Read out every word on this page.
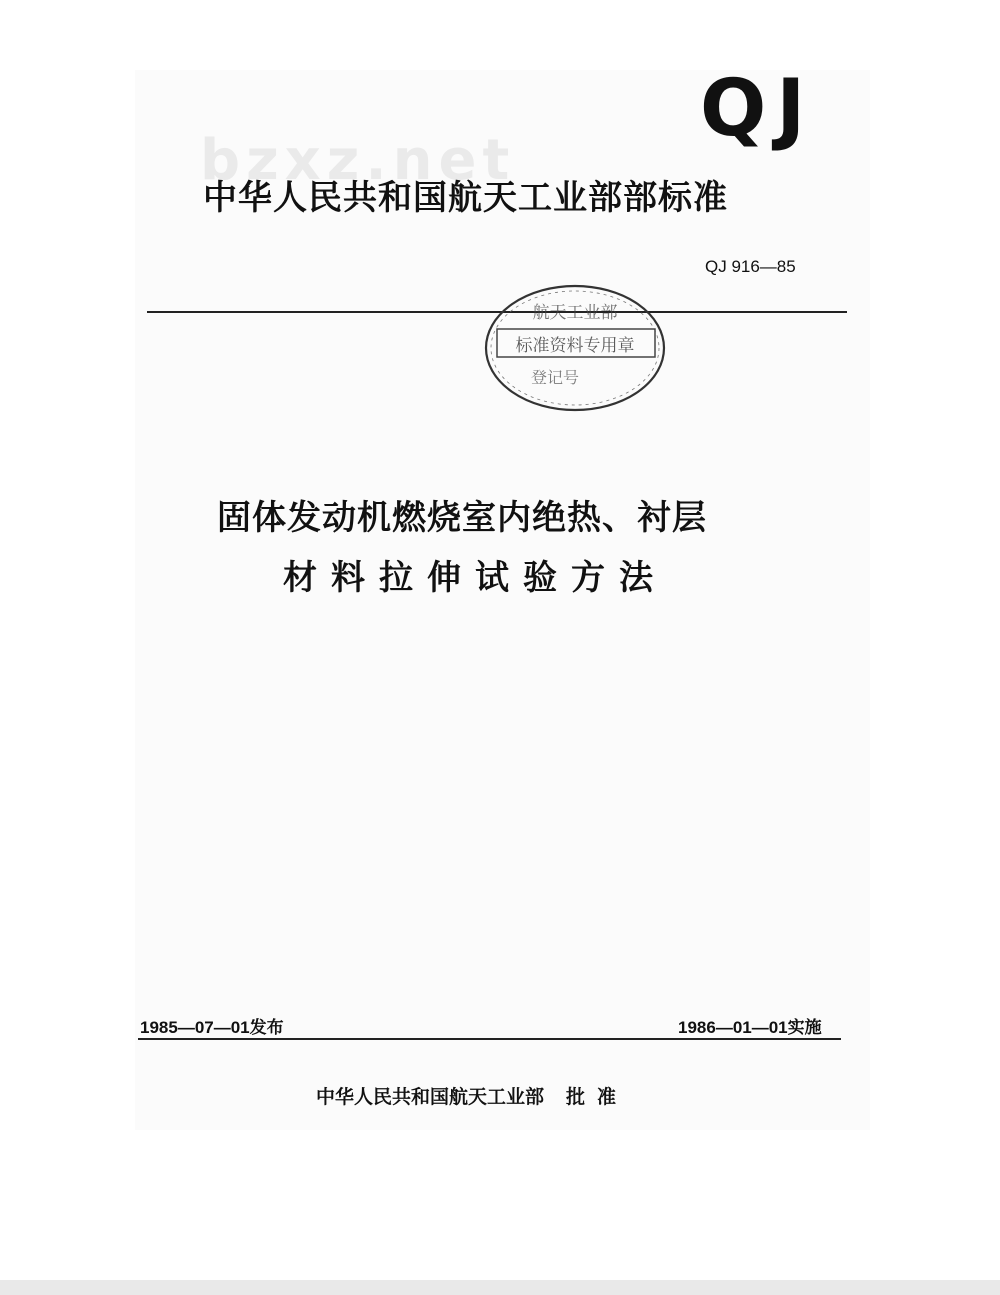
bzxz.net
QJ
中华人民共和国航天工业部部标准
QJ 916—85
航天工业部
标准资料专用章
登记号
固体发动机燃烧室内绝热、衬层
材料拉伸试验方法
1985—07—01发布	1986—01—01实施
中华人民共和国航天工业部 批准
